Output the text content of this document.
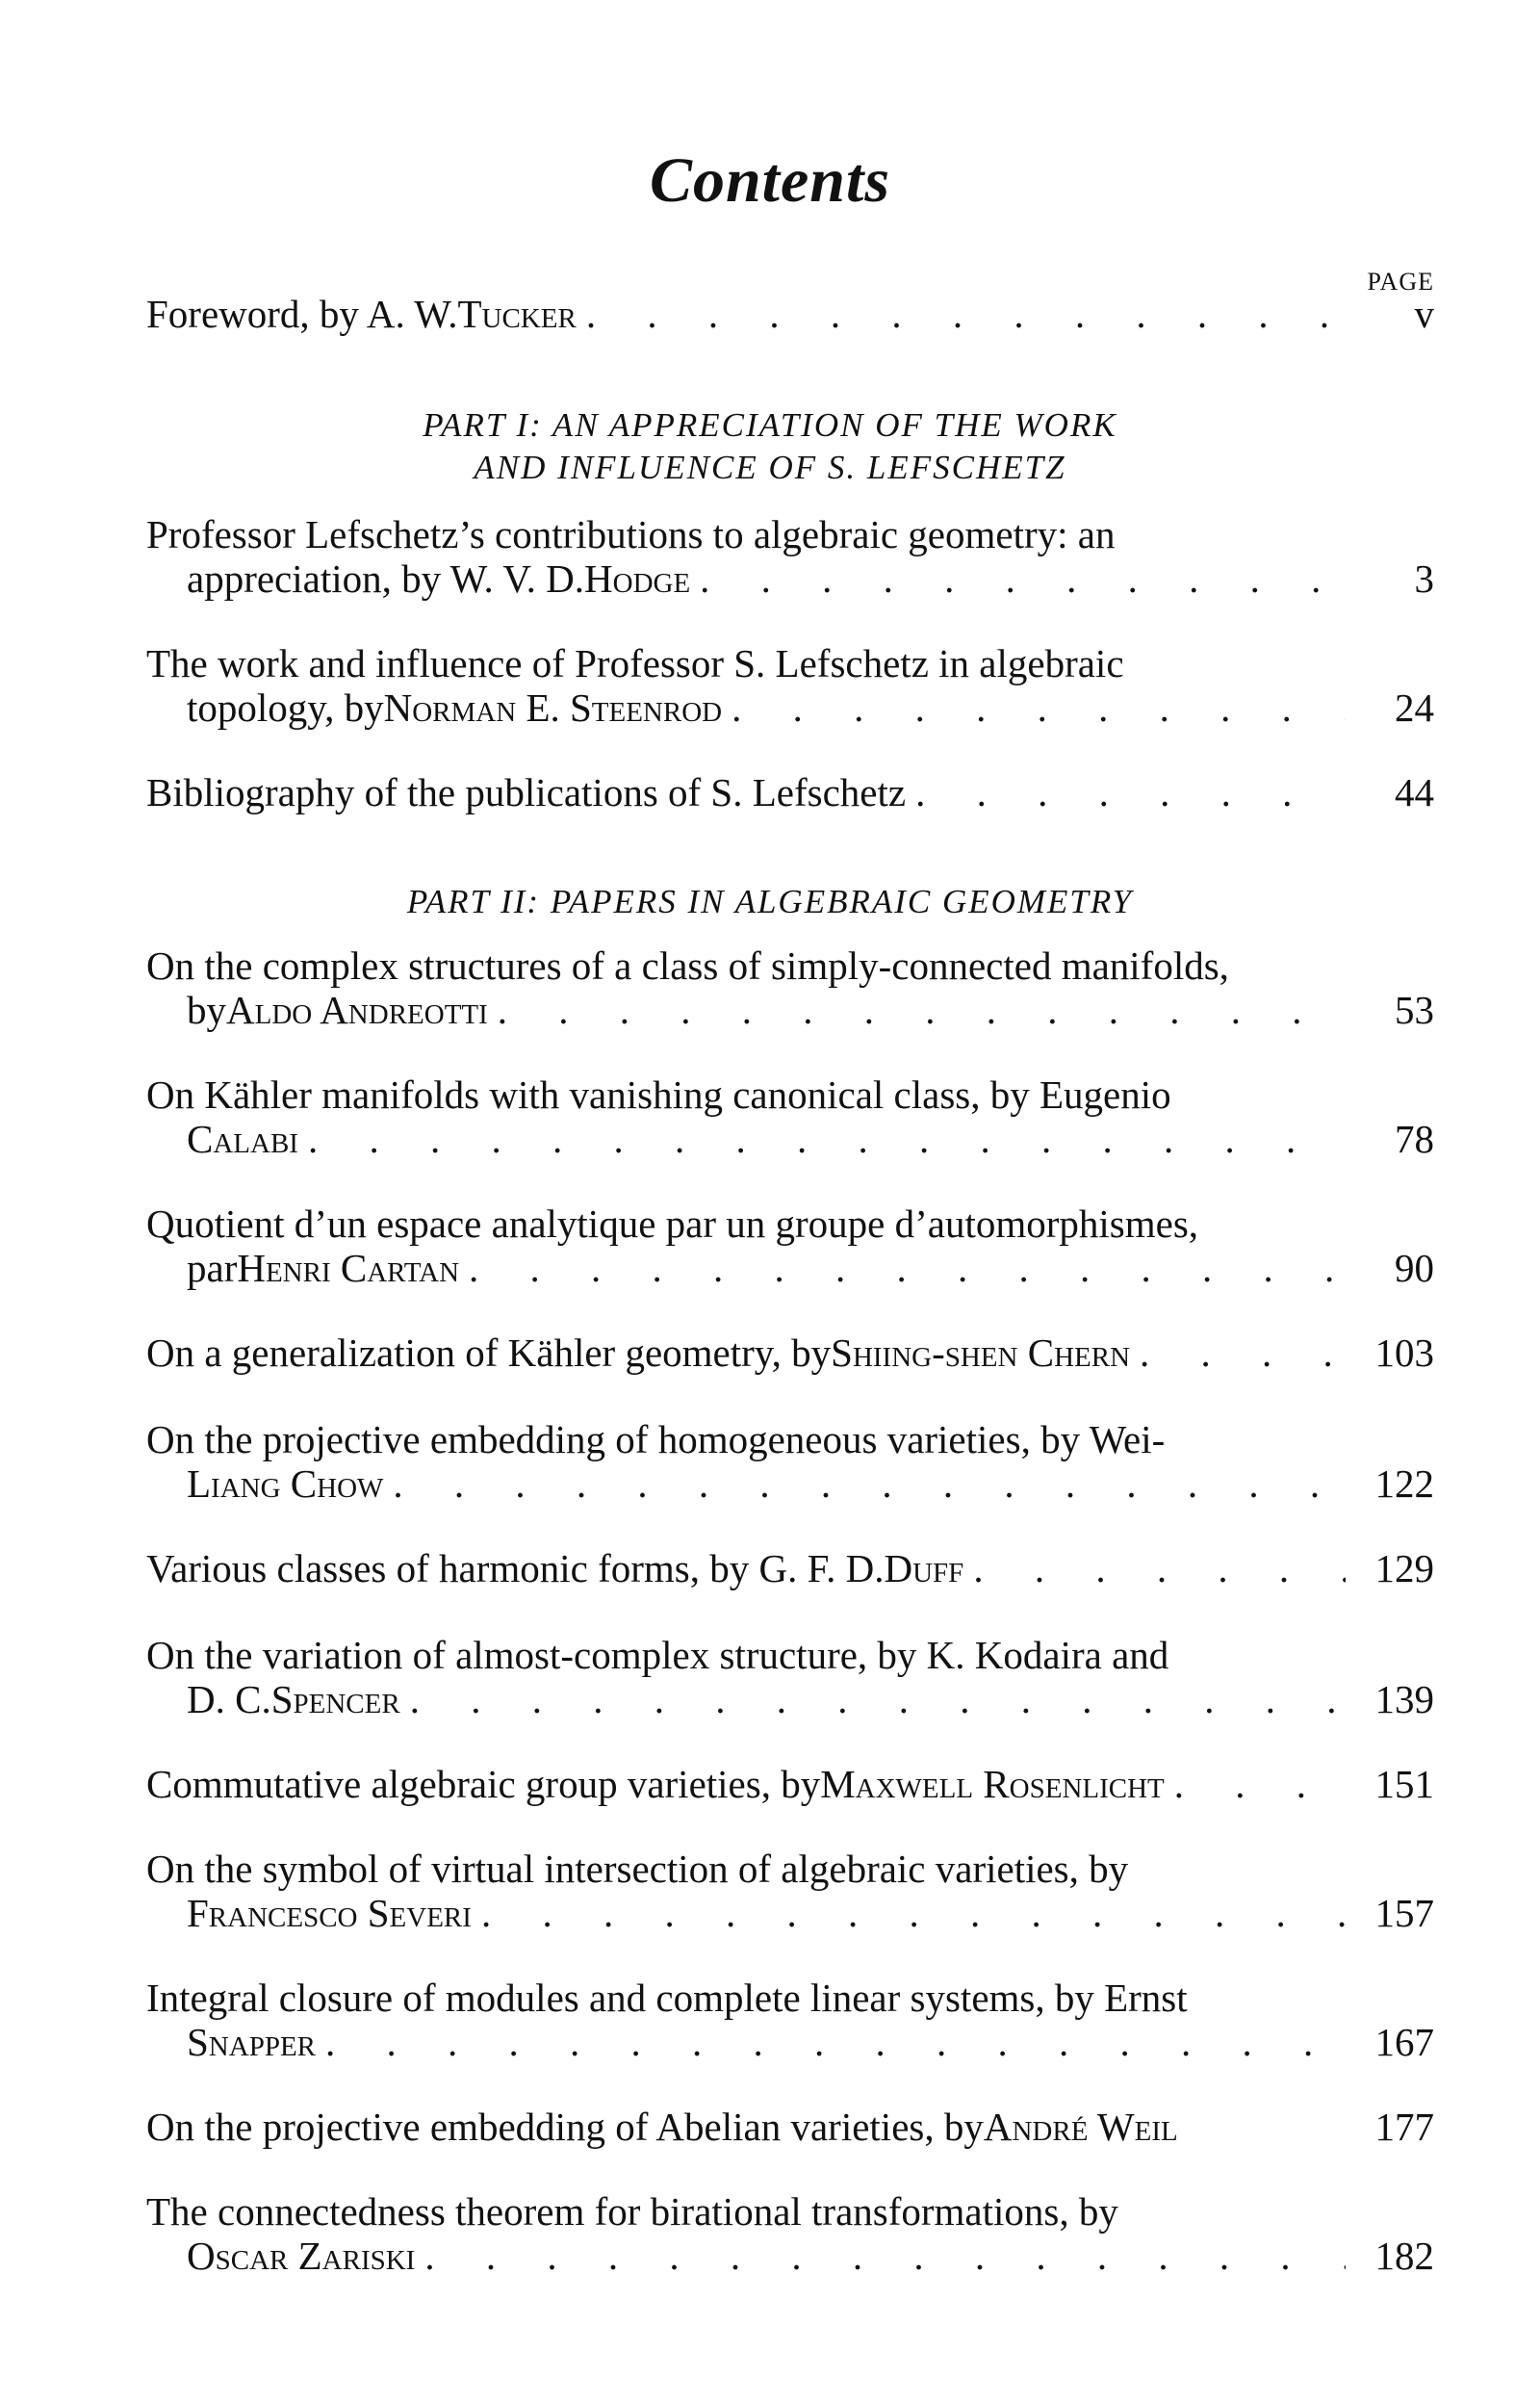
Contents
PAGE
Foreword, by A. W. Tucker . . .	v
PART I: AN APPRECIATION OF THE WORK
AND INFLUENCE OF S. LEFSCHETZ
Professor Lefschetz’s contributions to algebraic geometry: an
appreciation, by W. V. D. Hodge . . .	3
The work and influence of Professor S. Lefschetz in algebraic
topology, by Norman E. Steenrod . . .	24
Bibliography of the publications of S. Lefschetz . . .	44
PART II: PAPERS IN ALGEBRAIC GEOMETRY
On the complex structures of a class of simply-connected manifolds,
by Aldo Andreotti . . .	53
On Kähler manifolds with vanishing canonical class, by Eugenio
Calabi . . .	78
Quotient d’un espace analytique par un groupe d’automorphismes,
par Henri Cartan . . .	90
On a generalization of Kähler geometry, by Shiing-shen Chern . . .	103
On the projective embedding of homogeneous varieties, by Wei-
Liang Chow . . .	122
Various classes of harmonic forms, by G. F. D. Duff . . .	129
On the variation of almost-complex structure, by K. Kodaira and
D. C. Spencer . . .	139
Commutative algebraic group varieties, by Maxwell Rosenlicht . . .	151
On the symbol of virtual intersection of algebraic varieties, by
Francesco Severi . . .	157
Integral closure of modules and complete linear systems, by Ernst
Snapper . . .	167
On the projective embedding of Abelian varieties, by André Weil	177
The connectedness theorem for birational transformations, by
Oscar Zariski . . .	182
